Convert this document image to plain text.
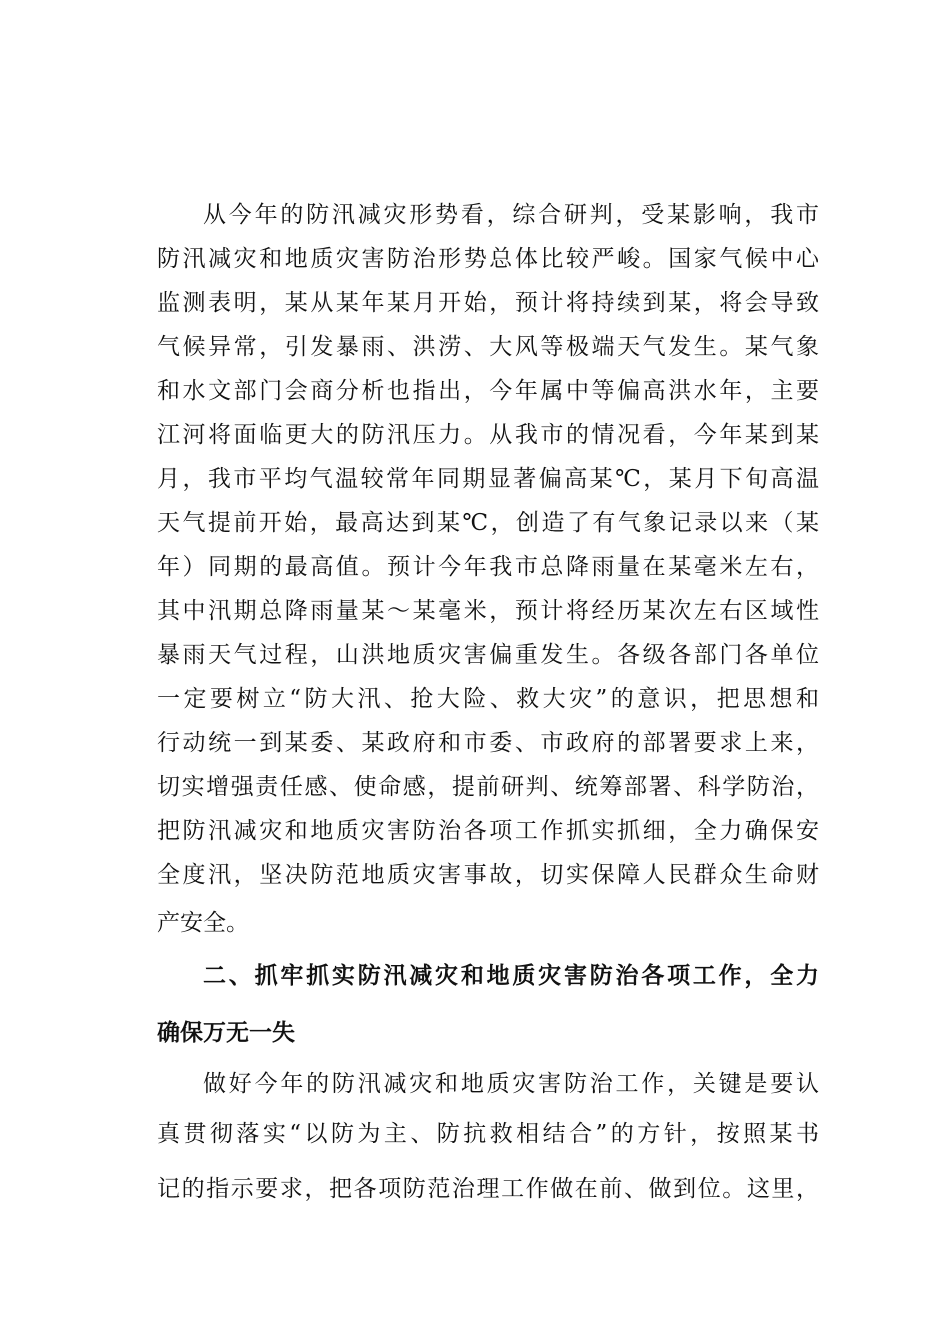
从今年的防汛减灾形势看，综合研判，受某影响，我市
防汛减灾和地质灾害防治形势总体比较严峻。国家气候中心
监测表明，某从某年某月开始，预计将持续到某，将会导致
气候异常，引发暴雨、洪涝、大风等极端天气发生。某气象
和水文部门会商分析也指出，今年属中等偏高洪水年，主要
江河将面临更大的防汛压力。从我市的情况看，今年某到某
月，我市平均气温较常年同期显著偏高某℃，某月下旬高温
天气提前开始，最高达到某℃，创造了有气象记录以来（某
年）同期的最高值。预计今年我市总降雨量在某毫米左右，
其中汛期总降雨量某～某毫米，预计将经历某次左右区域性
暴雨天气过程，山洪地质灾害偏重发生。各级各部门各单位
一定要树立“防大汛、抢大险、救大灾”的意识，把思想和
行动统一到某委、某政府和市委、市政府的部署要求上来，
切实增强责任感、使命感，提前研判、统筹部署、科学防治，
把防汛减灾和地质灾害防治各项工作抓实抓细，全力确保安
全度汛，坚决防范地质灾害事故，切实保障人民群众生命财
产安全。
二、抓牢抓实防汛减灾和地质灾害防治各项工作，全力
确保万无一失
做好今年的防汛减灾和地质灾害防治工作，关键是要认
真贯彻落实“以防为主、防抗救相结合”的方针，按照某书
记的指示要求，把各项防范治理工作做在前、做到位。这里，
